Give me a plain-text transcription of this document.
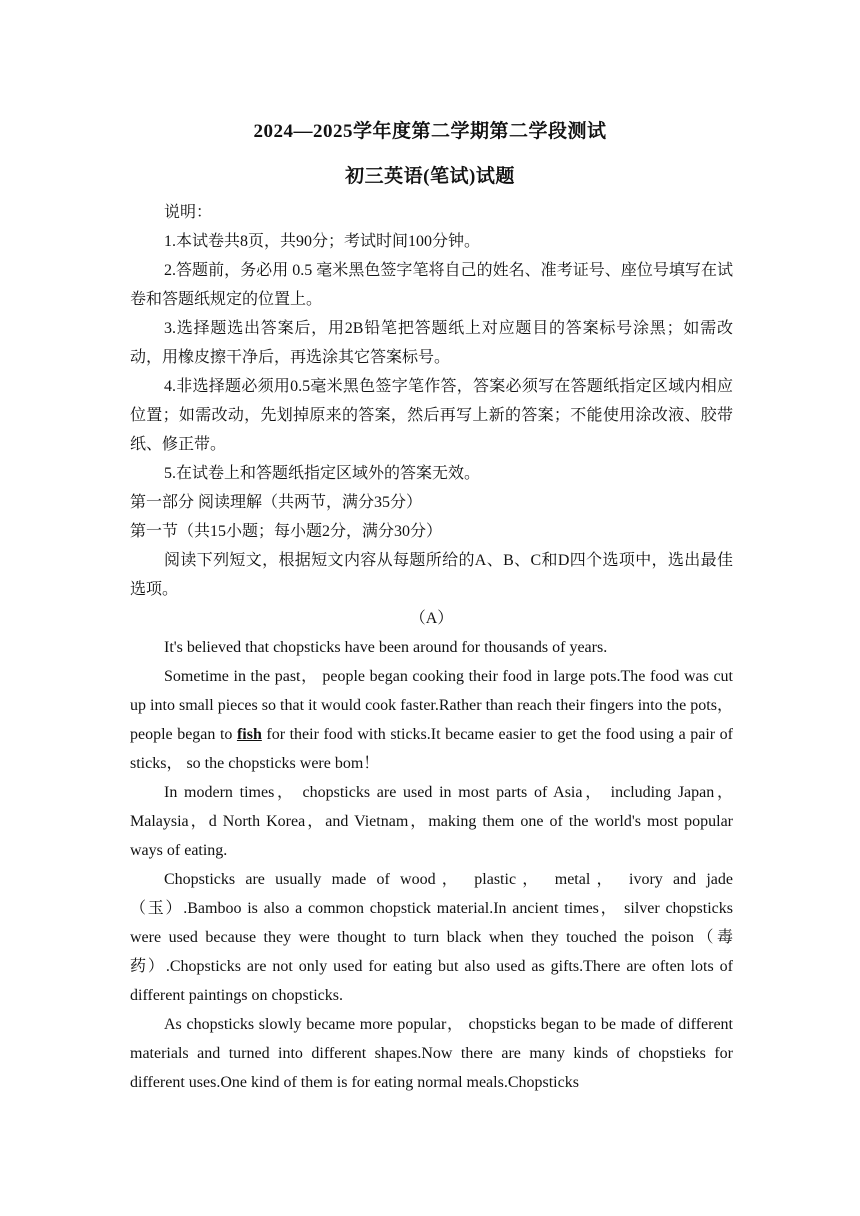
2024—2025学年度第二学期第二学段测试
初三英语(笔试)试题

说明：

1.本试卷共8页，共90分；考试时间100分钟。

2.答题前，务必用 0.5 毫米黑色签字笔将自己的姓名、准考证号、座位号填写在试卷和答题纸规定的位置上。

3.选择题选出答案后，用2B铅笔把答题纸上对应题目的答案标号涂黑；如需改动，用橡皮擦干净后，再选涂其它答案标号。

4.非选择题必须用0.5毫米黑色签字笔作答，答案必须写在答题纸指定区域内相应位置；如需改动，先划掉原来的答案，然后再写上新的答案；不能使用涂改液、胶带纸、修正带。

5.在试卷上和答题纸指定区域外的答案无效。

第一部分 阅读理解（共两节，满分35分）

第一节（共15小题；每小题2分，满分30分）

阅读下列短文，根据短文内容从每题所给的A、B、C和D四个选项中，选出最佳选项。

（A）

It's believed that chopsticks have been around for thousands of years.

Sometime in the past， people began cooking their food in large pots.The food was cut up into small pieces so that it would cook faster.Rather than reach their fingers into the pots，people began to fish for their food with sticks.It became easier to get the food using a pair of sticks， so the chopsticks were bom！

In modern times， chopsticks are used in most parts of Asia， including Japan，Malaysia，d North Korea，and Vietnam，making them one of the world's most popular ways of eating.

Chopsticks are usually made of wood， plastic， metal， ivory and jade（玉）.Bamboo is also a common chopstick material.In ancient times， silver chopsticks were used because they were thought to turn black when they touched the poison（毒药）.Chopsticks are not only used for eating but also used as gifts.There are often lots of different paintings on chopsticks.

As chopsticks slowly became more popular， chopsticks began to be made of different materials and turned into different shapes.Now there are many kinds of chopstieks for different uses.One kind of them is for eating normal meals.Chopsticks
